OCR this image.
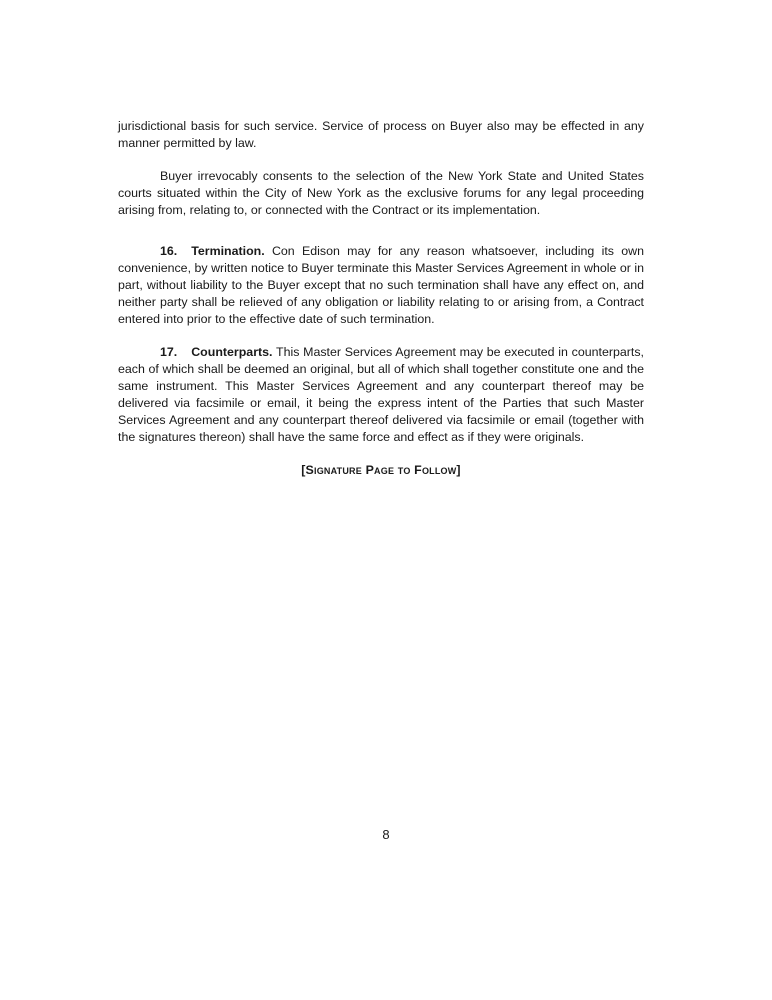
jurisdictional basis for such service. Service of process on Buyer also may be effected in any manner permitted by law.

Buyer irrevocably consents to the selection of the New York State and United States courts situated within the City of New York as the exclusive forums for any legal proceeding arising from, relating to, or connected with the Contract or its implementation.

16. Termination. Con Edison may for any reason whatsoever, including its own convenience, by written notice to Buyer terminate this Master Services Agreement in whole or in part, without liability to the Buyer except that no such termination shall have any effect on, and neither party shall be relieved of any obligation or liability relating to or arising from, a Contract entered into prior to the effective date of such termination.

17. Counterparts. This Master Services Agreement may be executed in counterparts, each of which shall be deemed an original, but all of which shall together constitute one and the same instrument. This Master Services Agreement and any counterpart thereof may be delivered via facsimile or email, it being the express intent of the Parties that such Master Services Agreement and any counterpart thereof delivered via facsimile or email (together with the signatures thereon) shall have the same force and effect as if they were originals.

[Signature Page to Follow]
8
